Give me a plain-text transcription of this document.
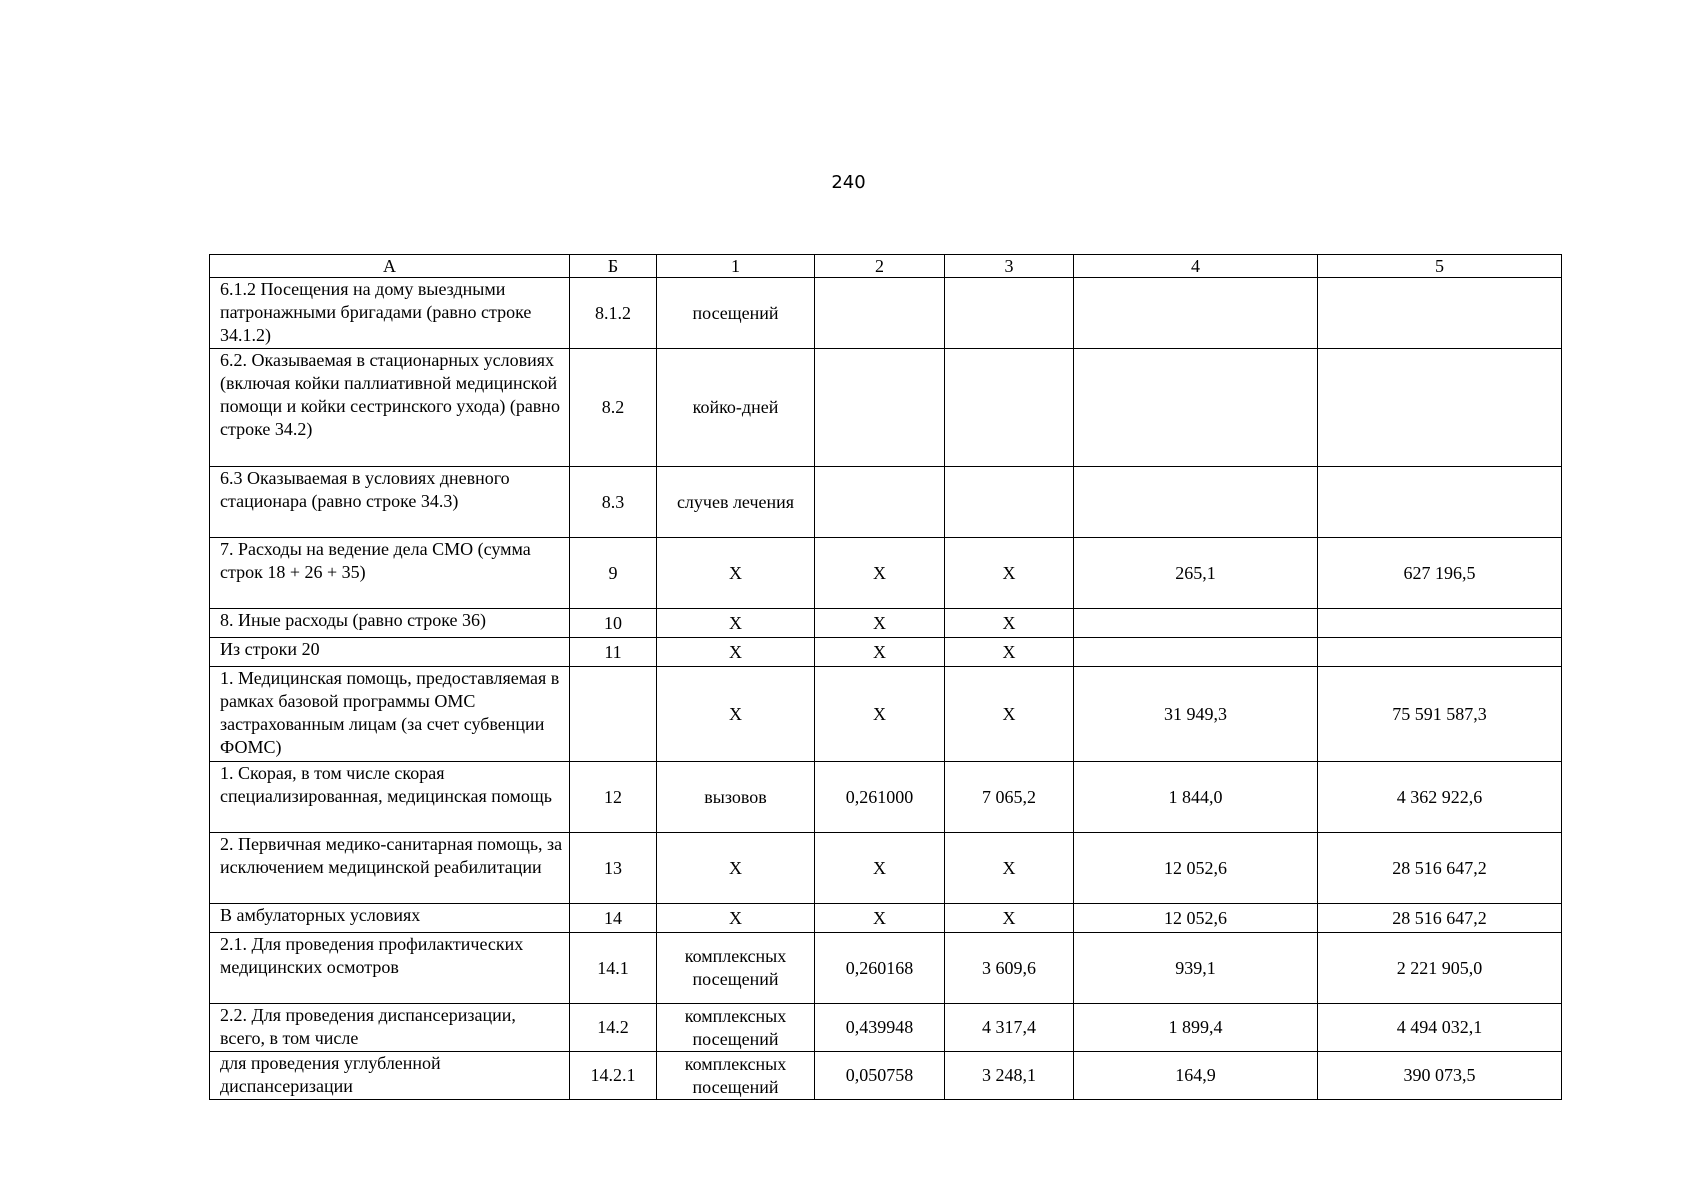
240
А	Б	1	2	3	4	5
6.1.2 Посещения на дому выездными патронажными бригадами (равно строке 34.1.2)	8.1.2	посещений				
6.2. Оказываемая в стационарных условиях (включая койки паллиативной медицинской помощи и койки сестринского ухода) (равно строке 34.2)	8.2	койко-дней				
6.3 Оказываемая в условиях дневного стационара (равно строке 34.3)	8.3	случев лечения				
7. Расходы на ведение дела СМО (сумма строк 18 + 26 + 35)	9	Х	Х	Х	265,1	627 196,5
8. Иные расходы (равно строке 36)	10	Х	Х	Х		
Из строки 20	11	Х	Х	Х		
1. Медицинская помощь, предоставляемая в рамках базовой программы ОМС застрахованным лицам (за счет субвенции ФОМС)		Х	Х	Х	31 949,3	75 591 587,3
1. Скорая, в том числе скорая специализированная, медицинская помощь	12	вызовов	0,261000	7 065,2	1 844,0	4 362 922,6
2. Первичная медико-санитарная помощь, за исключением медицинской реабилитации	13	Х	Х	Х	12 052,6	28 516 647,2
В амбулаторных условиях	14	Х	Х	Х	12 052,6	28 516 647,2
2.1. Для проведения профилактических медицинских осмотров	14.1	комплексных посещений	0,260168	3 609,6	939,1	2 221 905,0
2.2. Для проведения диспансеризации, всего, в том числе	14.2	комплексных посещений	0,439948	4 317,4	1 899,4	4 494 032,1
для проведения углубленной диспансеризации	14.2.1	комплексных посещений	0,050758	3 248,1	164,9	390 073,5
